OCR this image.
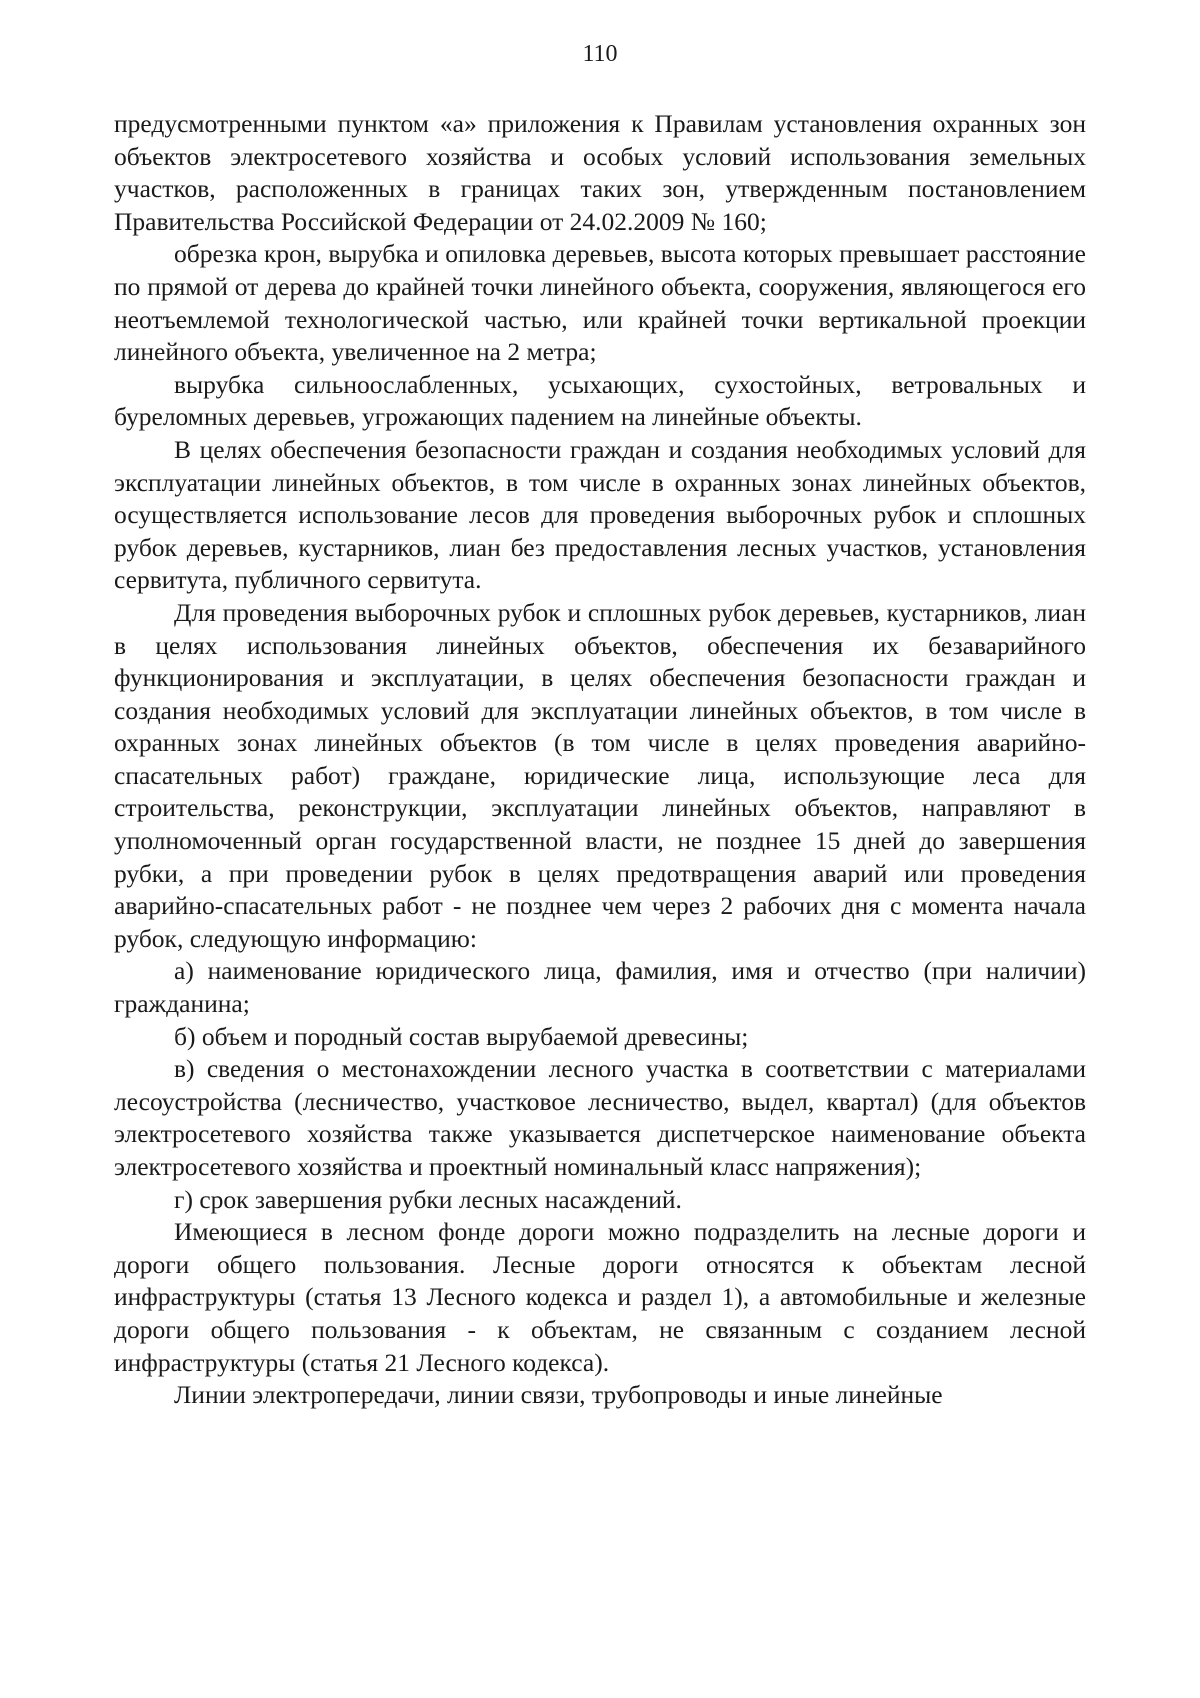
110

предусмотренными пунктом «а» приложения к Правилам установления охранных зон объектов электросетевого хозяйства и особых условий использования земельных участков, расположенных в границах таких зон, утвержденным постановлением Правительства Российской Федерации от 24.02.2009 № 160;

обрезка крон, вырубка и опиловка деревьев, высота которых превышает расстояние по прямой от дерева до крайней точки линейного объекта, сооружения, являющегося его неотъемлемой технологической частью, или крайней точки вертикальной проекции линейного объекта, увеличенное на 2 метра;

вырубка сильноослабленных, усыхающих, сухостойных, ветровальных и буреломных деревьев, угрожающих падением на линейные объекты.

В целях обеспечения безопасности граждан и создания необходимых условий для эксплуатации линейных объектов, в том числе в охранных зонах линейных объектов, осуществляется использование лесов для проведения выборочных рубок и сплошных рубок деревьев, кустарников, лиан без предоставления лесных участков, установления сервитута, публичного сервитута.

Для проведения выборочных рубок и сплошных рубок деревьев, кустарников, лиан в целях использования линейных объектов, обеспечения их безаварийного функционирования и эксплуатации, в целях обеспечения безопасности граждан и создания необходимых условий для эксплуатации линейных объектов, в том числе в охранных зонах линейных объектов (в том числе в целях проведения аварийно-спасательных работ) граждане, юридические лица, использующие леса для строительства, реконструкции, эксплуатации линейных объектов, направляют в уполномоченный орган государственной власти, не позднее 15 дней до завершения рубки, а при проведении рубок в целях предотвращения аварий или проведения аварийно-спасательных работ - не позднее чем через 2 рабочих дня с момента начала рубок, следующую информацию:

а) наименование юридического лица, фамилия, имя и отчество (при наличии) гражданина;

б) объем и породный состав вырубаемой древесины;

в) сведения о местонахождении лесного участка в соответствии с материалами лесоустройства (лесничество, участковое лесничество, выдел, квартал) (для объектов электросетевого хозяйства также указывается диспетчерское наименование объекта электросетевого хозяйства и проектный номинальный класс напряжения);

г) срок завершения рубки лесных насаждений.

Имеющиеся в лесном фонде дороги можно подразделить на лесные дороги и дороги общего пользования. Лесные дороги относятся к объектам лесной инфраструктуры (статья 13 Лесного кодекса и раздел 1), а автомобильные и железные дороги общего пользования - к объектам, не связанным с созданием лесной инфраструктуры (статья 21 Лесного кодекса).

Линии электропередачи, линии связи, трубопроводы и иные линейные
